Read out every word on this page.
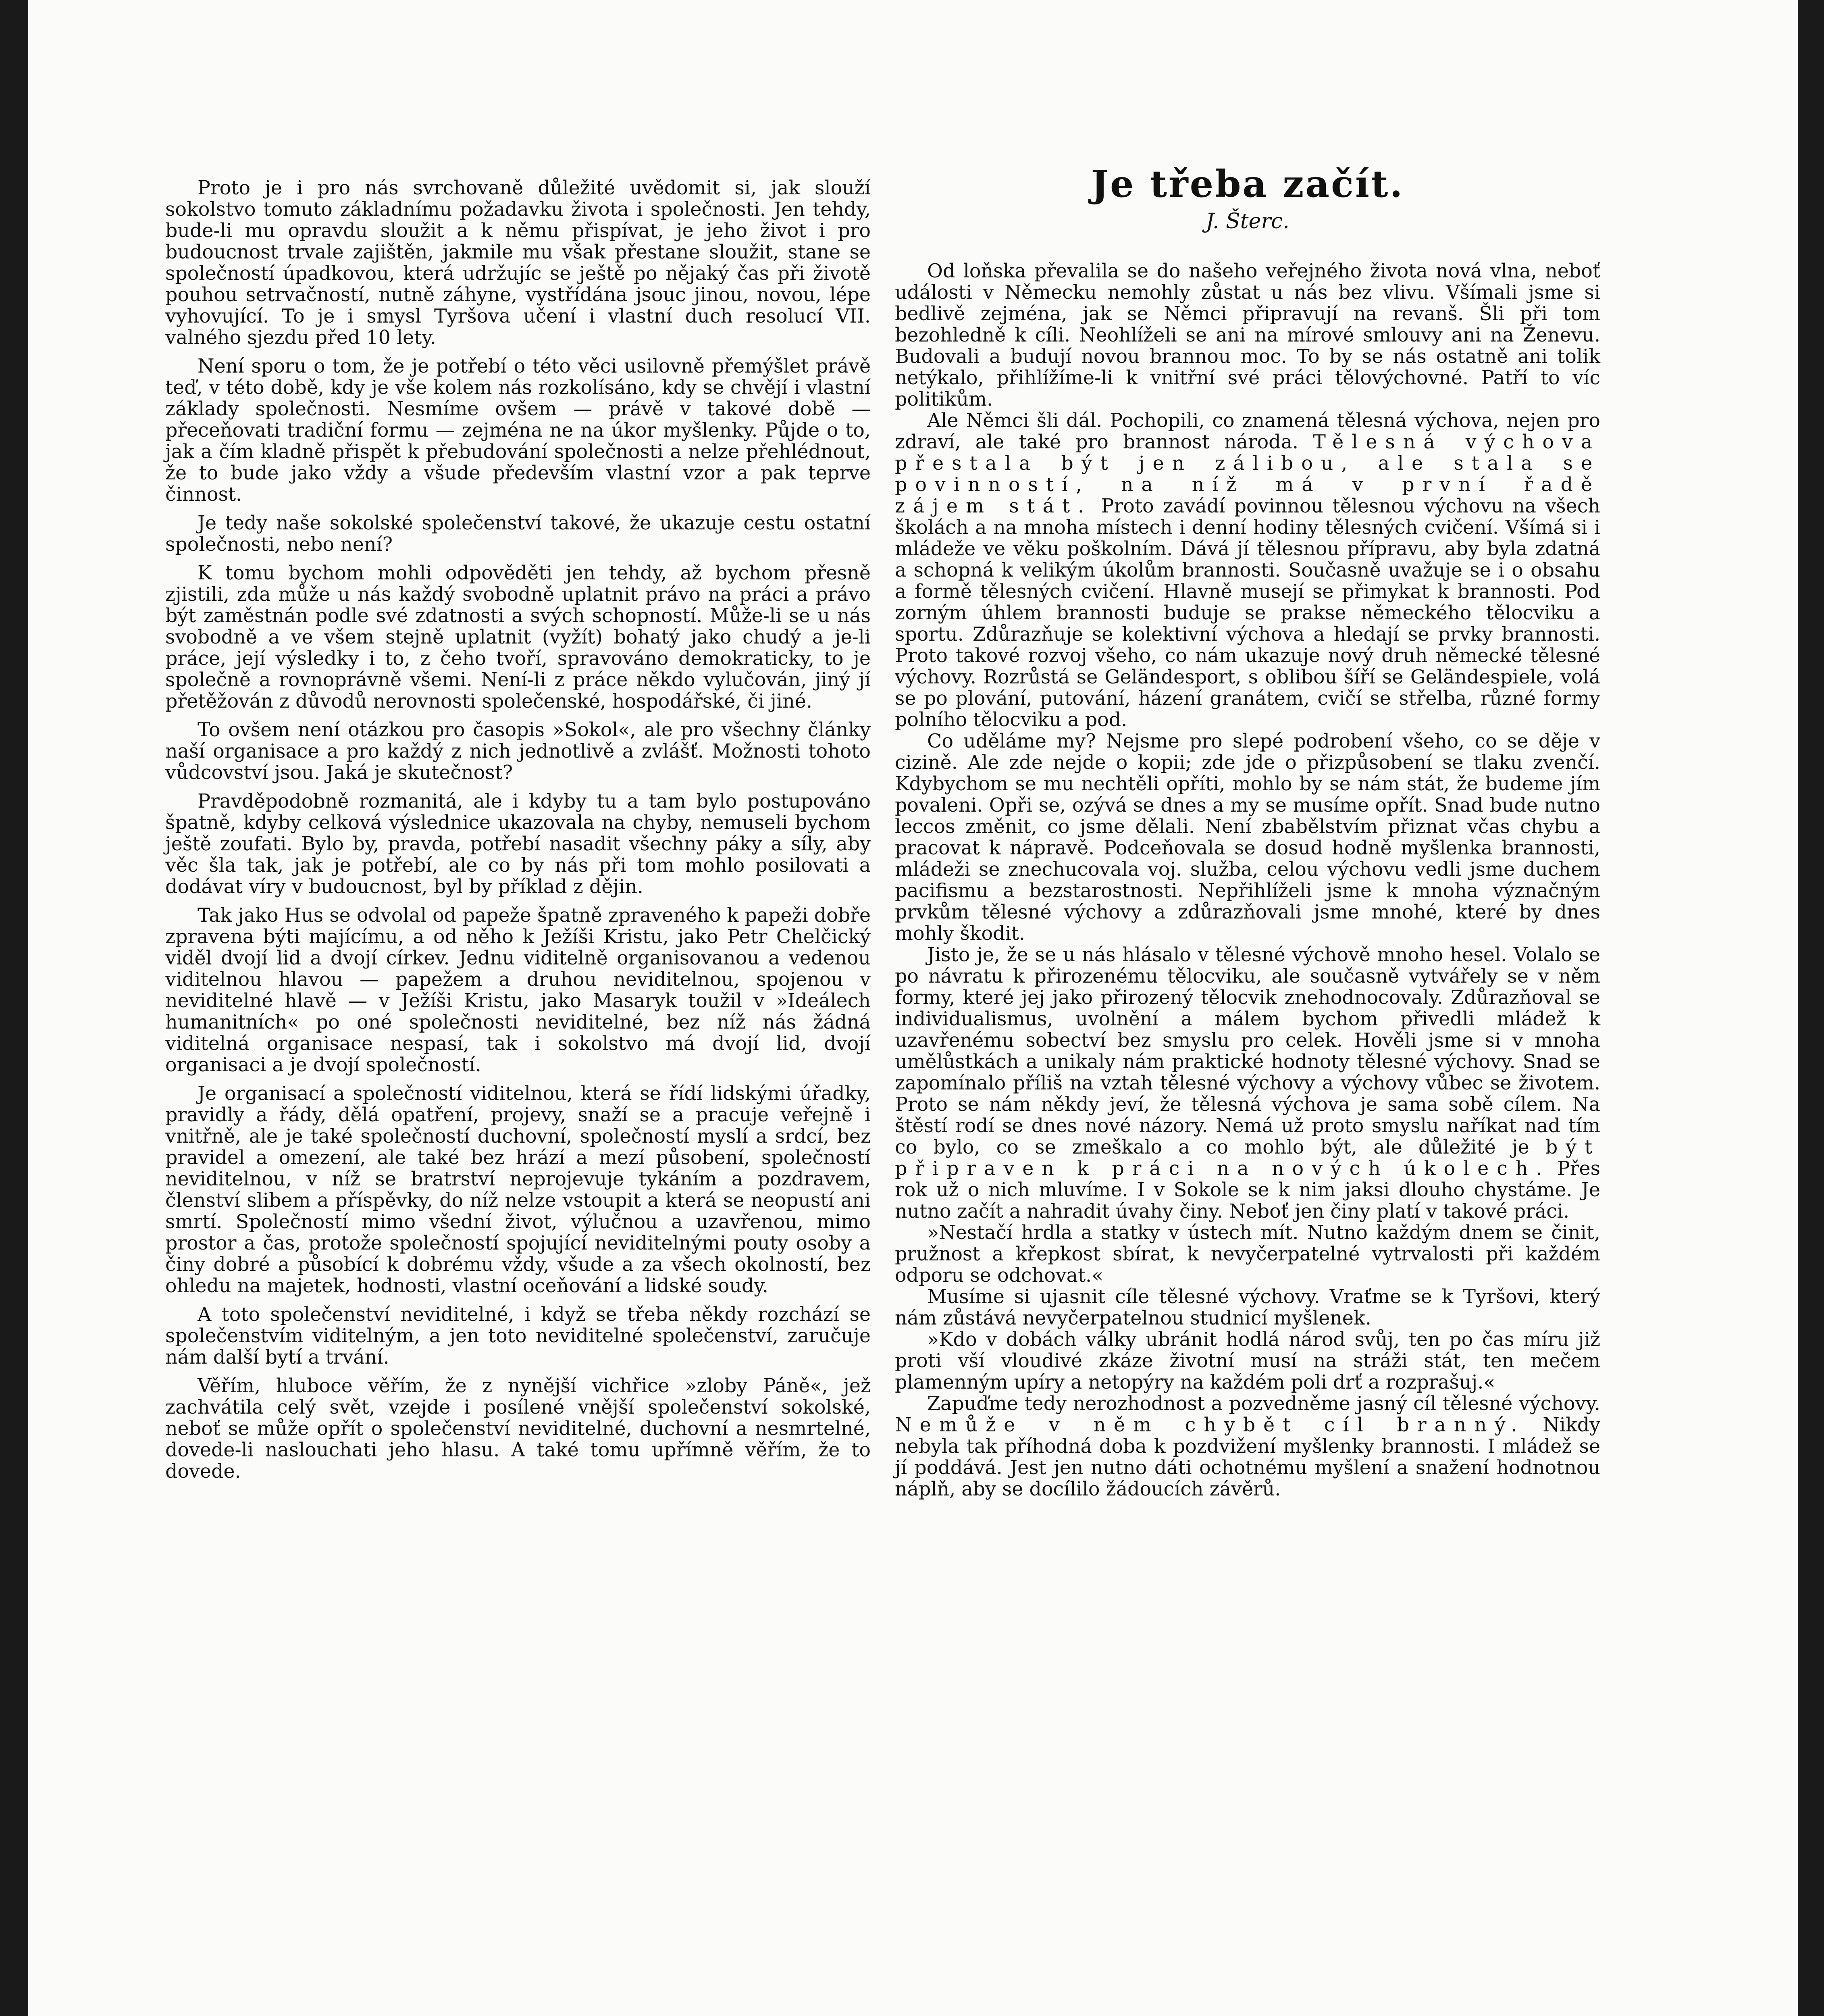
Proto je i pro nás svrchovaně důležité uvědomit si, jak slouží sokolstvo tomuto základnímu požadavku života i společnosti. Jen tehdy, bude-li mu opravdu sloužit a k němu přispívat, je jeho život i pro budoucnost trvale zajištěn, jakmile mu však přestane sloužit, stane se společností úpadkovou, která udržujíc se ještě po nějaký čas při životě pouhou setrvačností, nutně záhyne, vystřídána jsouc jinou, novou, lépe vyhovující. To je i smysl Tyršova učení i vlastní duch resolucí VII. valného sjezdu před 10 lety.

Není sporu o tom, že je potřebí o této věci usilovně přemýšlet právě teď, v této době, kdy je vše kolem nás rozkolísáno, kdy se chvějí i vlastní základy společnosti. Nesmíme ovšem — právě v takové době — přeceňovati tradiční formu — zejména ne na úkor myšlenky. Půjde o to, jak a čím kladně přispět k přebudování společnosti a nelze přehlédnout, že to bude jako vždy a všude především vlastní vzor a pak teprve činnost.

Je tedy naše sokolské společenství takové, že ukazuje cestu ostatní společnosti, nebo není?

K tomu bychom mohli odpověděti jen tehdy, až bychom přesně zjistili, zda může u nás každý svobodně uplatnit právo na práci a právo být zaměstnán podle své zdatnosti a svých schopností. Může-li se u nás svobodně a ve všem stejně uplatnit (vyžít) bohatý jako chudý a je-li práce, její výsledky i to, z čeho tvoří, spravováno demokraticky, to je společně a rovnoprávně všemi. Není-li z práce někdo vylučován, jiný jí přetěžován z důvodů nerovnosti společenské, hospodářské, či jiné.

To ovšem není otázkou pro časopis »Sokol«, ale pro všechny články naší organisace a pro každý z nich jednotlivě a zvlášť. Možnosti tohoto vůdcovství jsou. Jaká je skutečnost?

Pravděpodobně rozmanitá, ale i kdyby tu a tam bylo postupováno špatně, kdyby celková výslednice ukazovala na chyby, nemuseli bychom ještě zoufati. Bylo by, pravda, potřebí nasadit všechny páky a síly, aby věc šla tak, jak je potřebí, ale co by nás při tom mohlo posilovati a dodávat víry v budoucnost, byl by příklad z dějin.

Tak jako Hus se odvolal od papeže špatně zpraveného k papeži dobře zpravena býti majícímu, a od něho k Ježíši Kristu, jako Petr Chelčický viděl dvojí lid a dvojí církev. Jednu viditelně organisovanou a vedenou viditelnou hlavou — papežem a druhou neviditelnou, spojenou v neviditelné hlavě — v Ježíši Kristu, jako Masaryk toužil v »Ideálech humanitních« po oné společnosti neviditelné, bez níž nás žádná viditelná organisace nespasí, tak i sokolstvo má dvojí lid, dvojí organisaci a je dvojí společností.

Je organisací a společností viditelnou, která se řídí lidskými úřadky, pravidly a řády, dělá opatření, projevy, snaží se a pracuje veřejně i vnitřně, ale je také společností duchovní, společností myslí a srdcí, bez pravidel a omezení, ale také bez hrází a mezí působení, společností neviditelnou, v níž se bratrství neprojevuje tykáním a pozdravem, členství slibem a příspěvky, do níž nelze vstoupit a která se neopustí ani smrtí. Společností mimo všední život, výlučnou a uzavřenou, mimo prostor a čas, protože společností spojující neviditelnými pouty osoby a činy dobré a působící k dobrému vždy, všude a za všech okolností, bez ohledu na majetek, hodnosti, vlastní oceňování a lidské soudy.

A toto společenství neviditelné, i když se třeba někdy rozchází se společenstvím viditelným, a jen toto neviditelné společenství, zaručuje nám další bytí a trvání.

Věřím, hluboce věřím, že z nynější vichřice »zloby Páně«, jež zachvátila celý svět, vzejde i posílené vnější společenství sokolské, neboť se může opřít o společenství neviditelné, duchovní a nesmrtelné, dovede-li naslouchati jeho hlasu. A také tomu upřímně věřím, že to dovede.

Je třeba začít.
J. Šterc.

Od loňska převalila se do našeho veřejného života nová vlna, neboť události v Německu nemohly zůstat u nás bez vlivu. Všímali jsme si bedlivě zejména, jak se Němci připravují na revanš. Šli při tom bezohledně k cíli. Neohlíželi se ani na mírové smlouvy ani na Ženevu. Budovali a budují novou brannou moc. To by se nás ostatně ani tolik netýkalo, přihlížíme-li k vnitřní své práci tělovýchovné. Patří to víc politikům.

Ale Němci šli dál. Pochopili, co znamená tělesná výchova, nejen pro zdraví, ale také pro brannost národa. Tělesná výchova přestala být jen zálibou, ale stala se povinností, na níž má v první řadě zájem stát. Proto zavádí povinnou tělesnou výchovu na všech školách a na mnoha místech i denní hodiny tělesných cvičení. Všímá si i mládeže ve věku poškolním. Dává jí tělesnou přípravu, aby byla zdatná a schopná k velikým úkolům brannosti. Současně uvažuje se i o obsahu a formě tělesných cvičení. Hlavně musejí se přimykat k brannosti. Pod zorným úhlem brannosti buduje se prakse německého tělocviku a sportu. Zdůrazňuje se kolektivní výchova a hledají se prvky brannosti. Proto takové rozvoj všeho, co nám ukazuje nový druh německé tělesné výchovy. Rozrůstá se Geländesport, s oblibou šíří se Geländespiele, volá se po plování, putování, házení granátem, cvičí se střelba, různé formy polního tělocviku a pod.

Co uděláme my? Nejsme pro slepé podrobení všeho, co se děje v cizině. Ale zde nejde o kopii; zde jde o přizpůsobení se tlaku zvenčí. Kdybychom se mu nechtěli opříti, mohlo by se nám stát, že budeme jím povaleni. Opři se, ozývá se dnes a my se musíme opřít. Snad bude nutno leccos změnit, co jsme dělali. Není zbabělstvím přiznat včas chybu a pracovat k nápravě. Podceňovala se dosud hodně myšlenka brannosti, mládeži se znechucovala voj. služba, celou výchovu vedli jsme duchem pacifismu a bezstarostnosti. Nepřihlíželi jsme k mnoha význačným prvkům tělesné výchovy a zdůrazňovali jsme mnohé, které by dnes mohly škodit.

Jisto je, že se u nás hlásalo v tělesné výchově mnoho hesel. Volalo se po návratu k přirozenému tělocviku, ale současně vytvářely se v něm formy, které jej jako přirozený tělocvik znehodnocovaly. Zdůrazňoval se individualismus, uvolnění a málem bychom přivedli mládež k uzavřenému sobectví bez smyslu pro celek. Hověli jsme si v mnoha umělůstkách a unikaly nám praktické hodnoty tělesné výchovy. Snad se zapomínalo příliš na vztah tělesné výchovy a výchovy vůbec se životem. Proto se nám někdy jeví, že tělesná výchova je sama sobě cílem. Na štěstí rodí se dnes nové názory. Nemá už proto smyslu naříkat nad tím co bylo, co se zmeškalo a co mohlo být, ale důležité je být připraven k práci na nových úkolech. Přes rok už o nich mluvíme. I v Sokole se k nim jaksi dlouho chystáme. Je nutno začít a nahradit úvahy činy. Neboť jen činy platí v takové práci.

»Nestačí hrdla a statky v ústech mít. Nutno každým dnem se činit, pružnost a křepkost sbírat, k nevyčerpatelné vytrvalosti při každém odporu se odchovat.«

Musíme si ujasnit cíle tělesné výchovy. Vraťme se k Tyršovi, který nám zůstává nevyčerpatelnou studnicí myšlenek.

»Kdo v dobách války ubránit hodlá národ svůj, ten po čas míru již proti vší vloudivé zkáze životní musí na stráži stát, ten mečem plamenným upíry a netopýry na každém poli drť a rozprašuj.«

Zapuďme tedy nerozhodnost a pozvedněme jasný cíl tělesné výchovy. Nemůže v něm chybět cíl branný. Nikdy nebyla tak příhodná doba k pozdvižení myšlenky brannosti. I mládež se jí poddává. Jest jen nutno dáti ochotnému myšlení a snažení hodnotnou náplň, aby se docílilo žádoucích závěrů.
